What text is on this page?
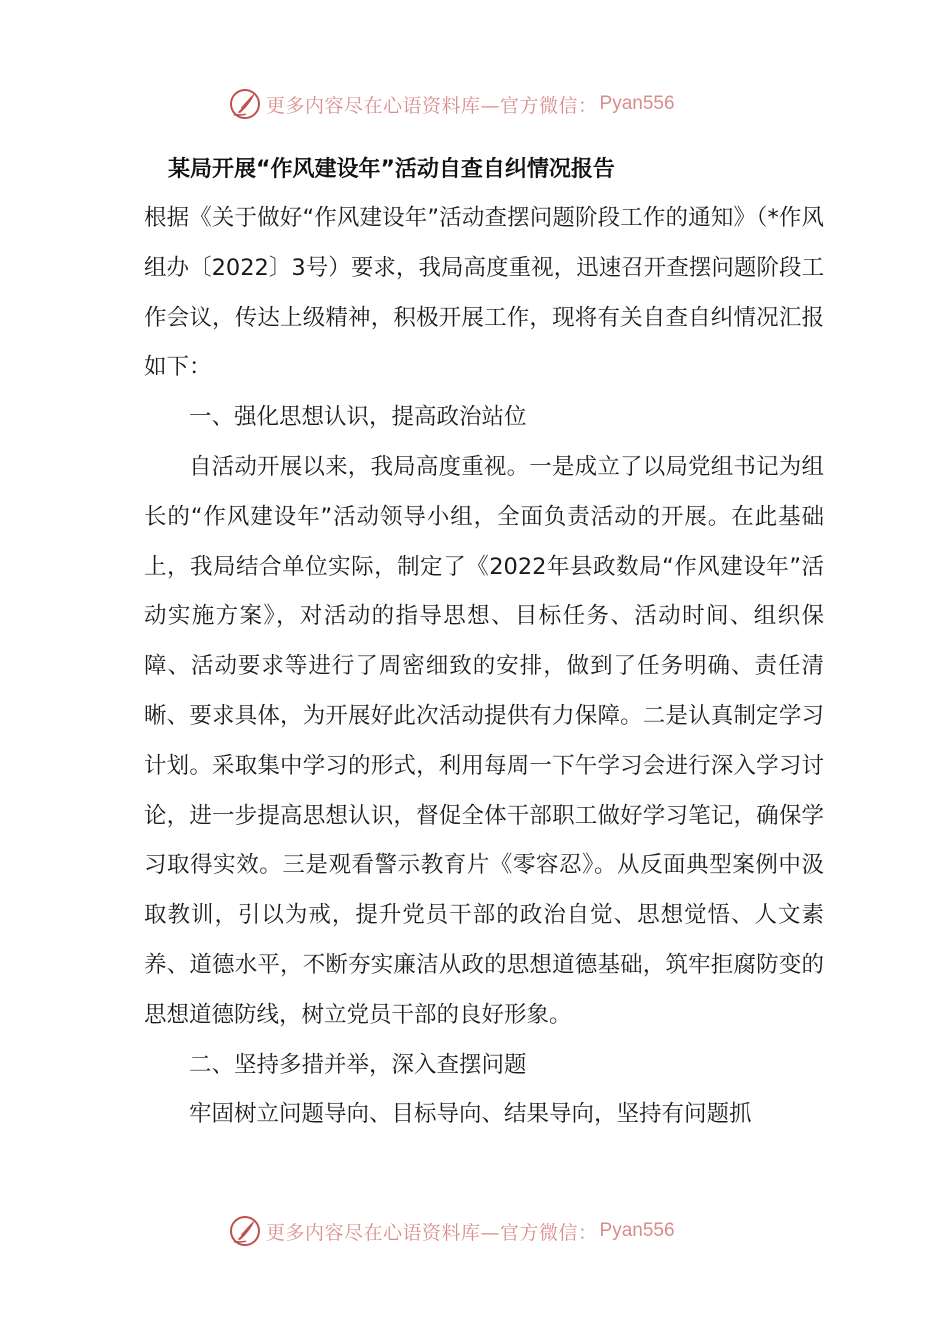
更多内容尽在心语资料库—官方微信： Pyan556
某局开展“作风建设年”活动自查自纠情况报告

根据《关于做好“作风建设年”活动查摆问题阶段工作的通知》（*作风组办〔2022〕3号）要求，我局高度重视，迅速召开查摆问题阶段工作会议，传达上级精神，积极开展工作，现将有关自查自纠情况汇报如下：

一、强化思想认识，提高政治站位

自活动开展以来，我局高度重视。一是成立了以局党组书记为组长的“作风建设年”活动领导小组，全面负责活动的开展。在此基础上，我局结合单位实际，制定了《2022年县政数局“作风建设年”活动实施方案》，对活动的指导思想、目标任务、活动时间、组织保障、活动要求等进行了周密细致的安排，做到了任务明确、责任清晰、要求具体，为开展好此次活动提供有力保障。二是认真制定学习计划。采取集中学习的形式，利用每周一下午学习会进行深入学习讨论，进一步提高思想认识，督促全体干部职工做好学习笔记，确保学习取得实效。三是观看警示教育片《零容忍》。从反面典型案例中汲取教训，引以为戒，提升党员干部的政治自觉、思想觉悟、人文素养、道德水平，不断夯实廉洁从政的思想道德基础，筑牢拒腐防变的思想道德防线，树立党员干部的良好形象。

二、坚持多措并举，深入查摆问题

牢固树立问题导向、目标导向、结果导向，坚持有问题抓

更多内容尽在心语资料库—官方微信： Pyan556
